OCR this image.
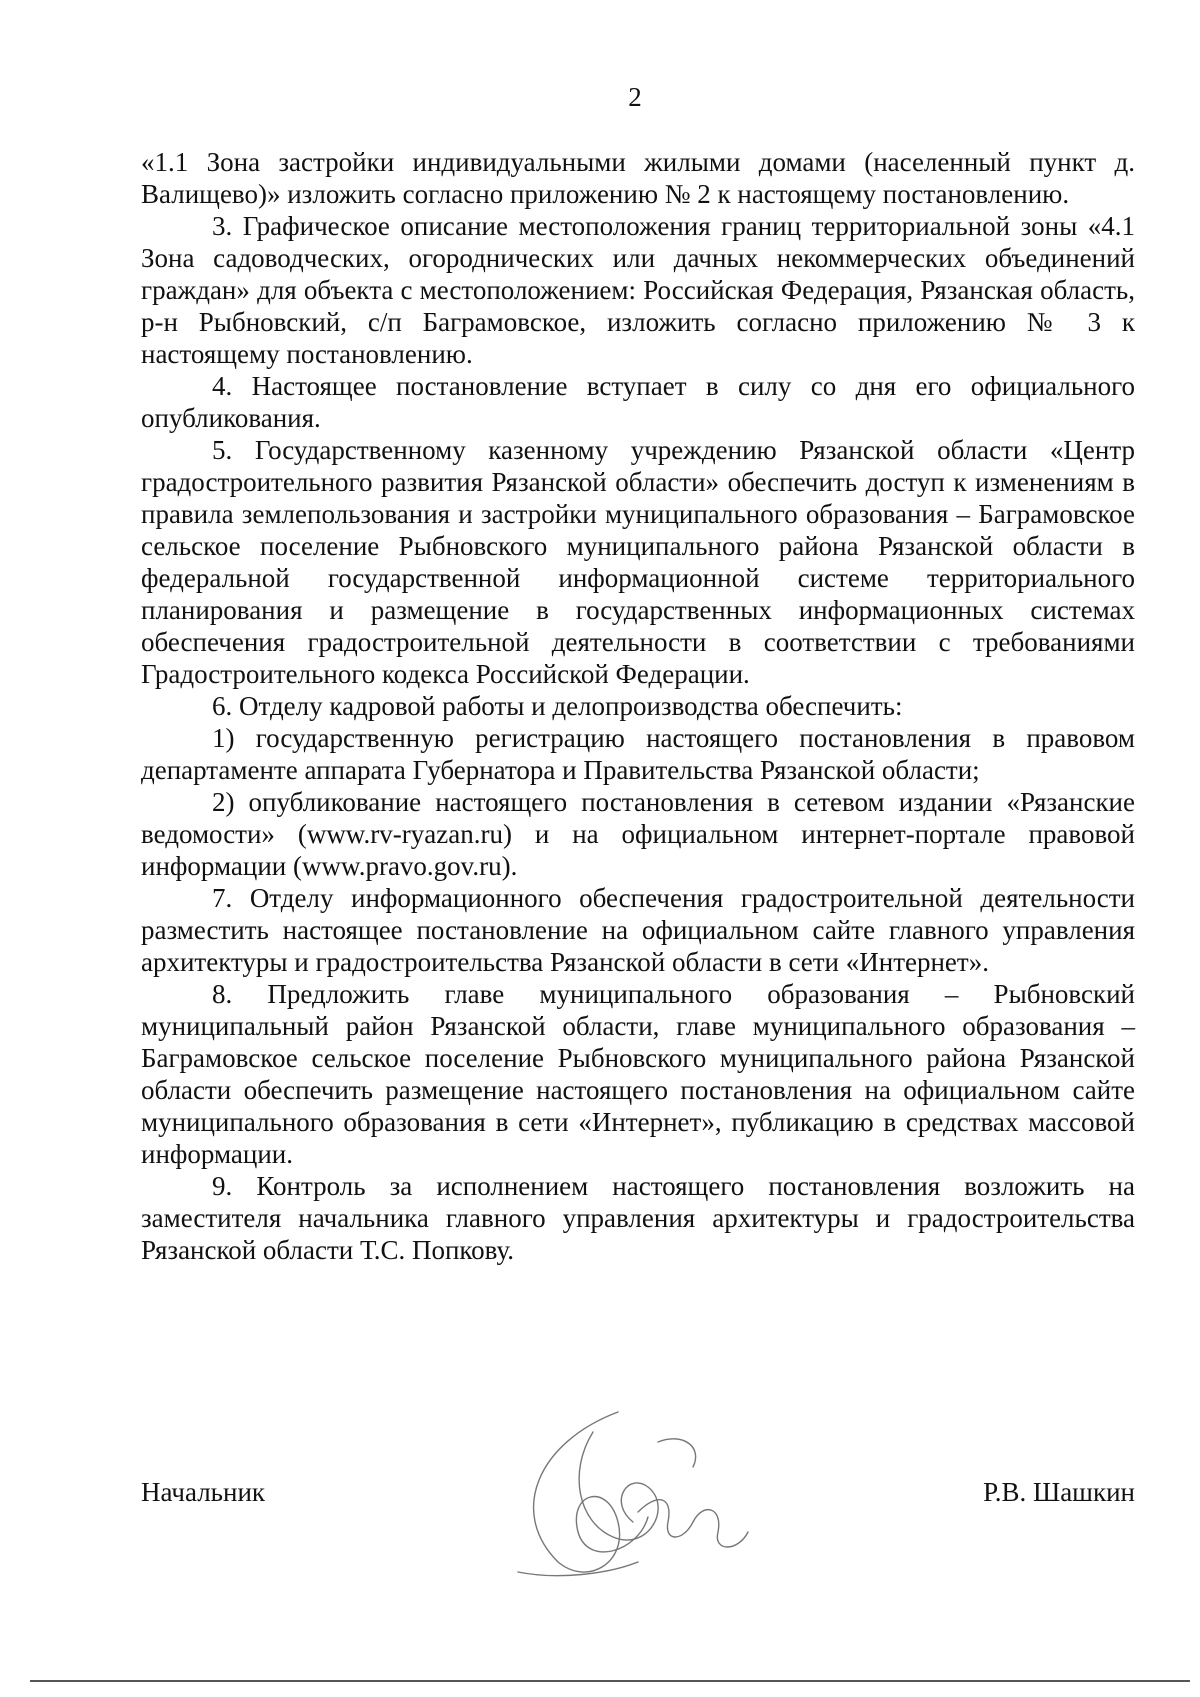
2

«1.1 Зона застройки индивидуальными жилыми домами (населенный пункт д. Валищево)» изложить согласно приложению № 2 к настоящему постановлению.

3. Графическое описание местоположения границ территориальной зоны «4.1 Зона садоводческих, огороднических или дачных некоммерческих объединений граждан» для объекта с местоположением: Российская Федерация, Рязанская область, р-н Рыбновский, с/п Баграмовское, изложить согласно приложению № 3 к настоящему постановлению.

4. Настоящее постановление вступает в силу со дня его официального опубликования.

5. Государственному казенному учреждению Рязанской области «Центр градостроительного развития Рязанской области» обеспечить доступ к изменениям в правила землепользования и застройки муниципального образования – Баграмовское сельское поселение Рыбновского муниципального района Рязанской области в федеральной государственной информационной системе территориального планирования и размещение в государственных информационных системах обеспечения градостроительной деятельности в соответствии с требованиями Градостроительного кодекса Российской Федерации.

6. Отделу кадровой работы и делопроизводства обеспечить:

1) государственную регистрацию настоящего постановления в правовом департаменте аппарата Губернатора и Правительства Рязанской области;

2) опубликование настоящего постановления в сетевом издании «Рязанские ведомости» (www.rv-ryazan.ru) и на официальном интернет-портале правовой информации (www.pravo.gov.ru).

7. Отделу информационного обеспечения градостроительной деятельности разместить настоящее постановление на официальном сайте главного управления архитектуры и градостроительства Рязанской области в сети «Интернет».

8. Предложить главе муниципального образования – Рыбновский муниципальный район Рязанской области, главе муниципального образования – Баграмовское сельское поселение Рыбновского муниципального района Рязанской области обеспечить размещение настоящего постановления на официальном сайте муниципального образования в сети «Интернет», публикацию в средствах массовой информации.

9. Контроль за исполнением настоящего постановления возложить на заместителя начальника главного управления архитектуры и градостроительства Рязанской области Т.С. Попкову.

Начальник	Р.В. Шашкин
